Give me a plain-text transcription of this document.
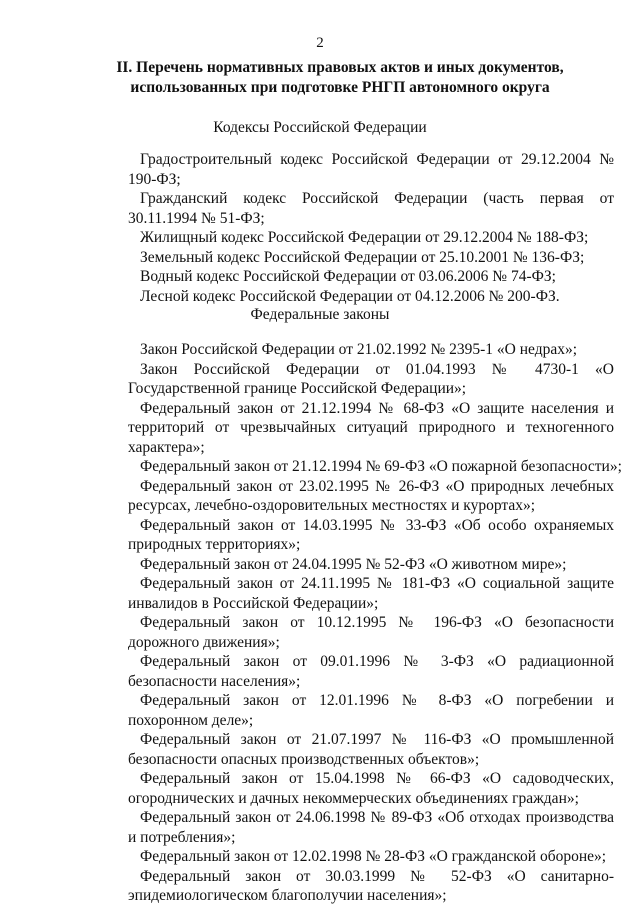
2
II. Перечень нормативных правовых актов и иных документов,
использованных при подготовке РНГП автономного округа
Кодексы Российской Федерации

Градостроительный кодекс Российской Федерации от 29.12.2004 № 190-ФЗ;

Гражданский кодекс Российской Федерации (часть первая от 30.11.1994 № 51-ФЗ;

Жилищный кодекс Российской Федерации от 29.12.2004 № 188-ФЗ;

Земельный кодекс Российской Федерации от 25.10.2001 № 136-ФЗ;

Водный кодекс Российской Федерации от 03.06.2006 № 74-ФЗ;

Лесной кодекс Российской Федерации от 04.12.2006 № 200-ФЗ.

Федеральные законы

Закон Российской Федерации от 21.02.1992 № 2395-1 «О недрах»;

Закон Российской Федерации от 01.04.1993 № 4730-1 «О Государственной границе Российской Федерации»;

Федеральный закон от 21.12.1994 № 68-ФЗ «О защите населения и территорий от чрезвычайных ситуаций природного и техногенного характера»;

Федеральный закон от 21.12.1994 № 69-ФЗ «О пожарной безопасности»;

Федеральный закон от 23.02.1995 № 26-ФЗ «О природных лечебных ресурсах, лечебно-оздоровительных местностях и курортах»;

Федеральный закон от 14.03.1995 № 33-ФЗ «Об особо охраняемых природных территориях»;

Федеральный закон от 24.04.1995 № 52-ФЗ «О животном мире»;

Федеральный закон от 24.11.1995 № 181-ФЗ «О социальной защите инвалидов в Российской Федерации»;

Федеральный закон от 10.12.1995 № 196-ФЗ «О безопасности дорожного движения»;

Федеральный закон от 09.01.1996 № 3-ФЗ «О радиационной безопасности населения»;

Федеральный закон от 12.01.1996 № 8-ФЗ «О погребении и похоронном деле»;

Федеральный закон от 21.07.1997 № 116-ФЗ «О промышленной безопасности опасных производственных объектов»;

Федеральный закон от 15.04.1998 № 66-ФЗ «О садоводческих, огороднических и дачных некоммерческих объединениях граждан»;

Федеральный закон от 24.06.1998 № 89-ФЗ «Об отходах производства и потребления»;

Федеральный закон от 12.02.1998 № 28-ФЗ «О гражданской обороне»;

Федеральный закон от 30.03.1999 № 52-ФЗ «О санитарно-эпидемиологическом благополучии населения»;
